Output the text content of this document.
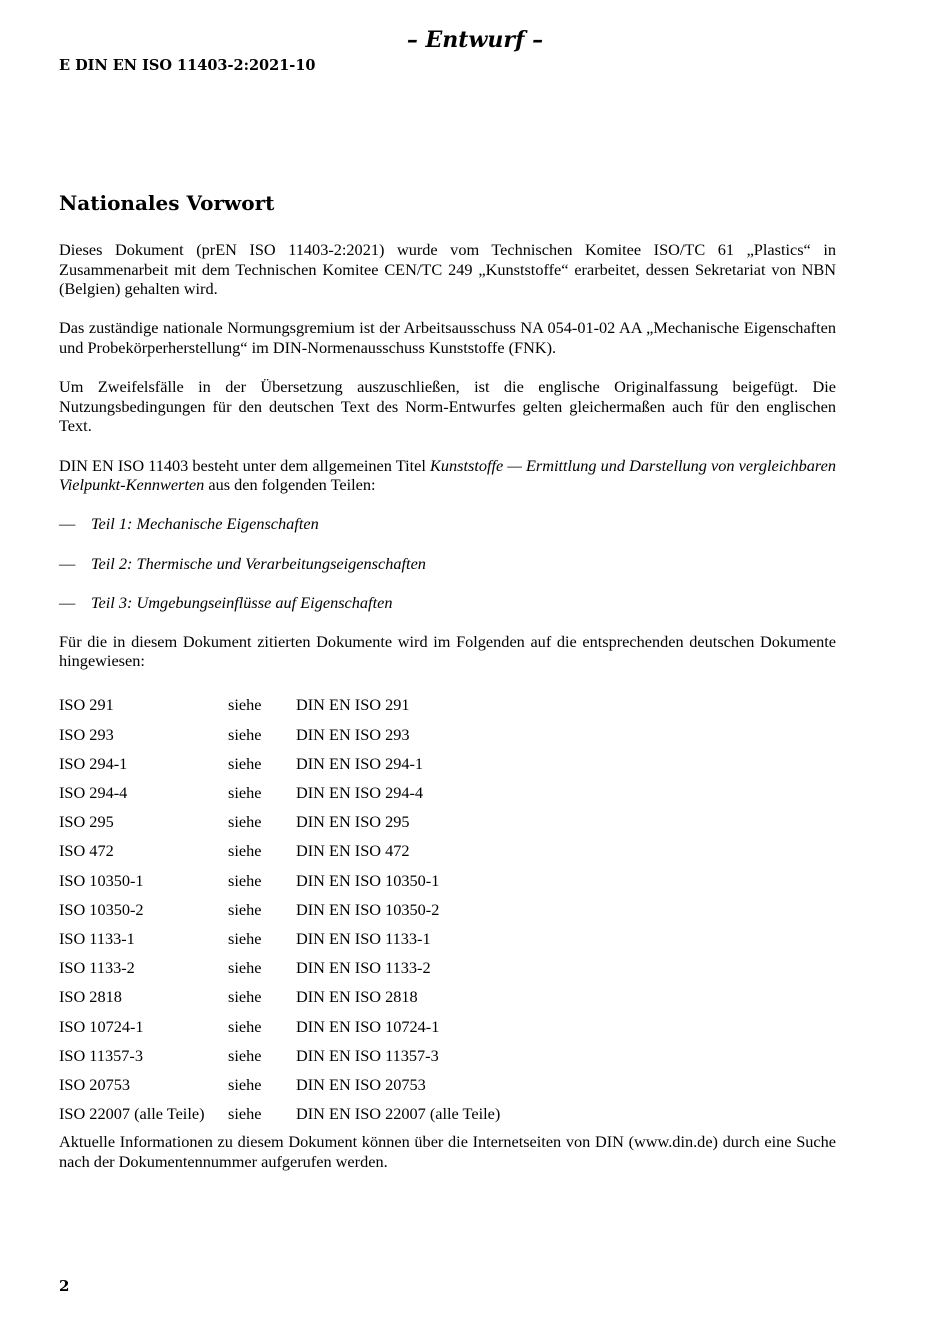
– Entwurf –
E DIN EN ISO 11403-2:2021-10
Nationales Vorwort

Dieses Dokument (prEN ISO 11403-2:2021) wurde vom Technischen Komitee ISO/TC 61 „Plastics“ in Zusammenarbeit mit dem Technischen Komitee CEN/TC 249 „Kunststoffe“ erarbeitet, dessen Sekretariat von NBN (Belgien) gehalten wird.

Das zuständige nationale Normungsgremium ist der Arbeitsausschuss NA 054-01-02 AA „Mechanische Eigenschaften und Probekörperherstellung“ im DIN-Normenausschuss Kunststoffe (FNK).

Um Zweifelsfälle in der Übersetzung auszuschließen, ist die englische Originalfassung beigefügt. Die Nutzungsbedingungen für den deutschen Text des Norm-Entwurfes gelten gleichermaßen auch für den englischen Text.

DIN EN ISO 11403 besteht unter dem allgemeinen Titel Kunststoffe — Ermittlung und Darstellung von vergleichbaren Vielpunkt-Kennwerten aus den folgenden Teilen:

— Teil 1: Mechanische Eigenschaften
— Teil 2: Thermische und Verarbeitungseigenschaften
— Teil 3: Umgebungseinflüsse auf Eigenschaften

Für die in diesem Dokument zitierten Dokumente wird im Folgenden auf die entsprechenden deutschen Dokumente hingewiesen:

ISO 291	siehe	DIN EN ISO 291
ISO 293	siehe	DIN EN ISO 293
ISO 294-1	siehe	DIN EN ISO 294-1
ISO 294-4	siehe	DIN EN ISO 294-4
ISO 295	siehe	DIN EN ISO 295
ISO 472	siehe	DIN EN ISO 472
ISO 10350-1	siehe	DIN EN ISO 10350-1
ISO 10350-2	siehe	DIN EN ISO 10350-2
ISO 1133-1	siehe	DIN EN ISO 1133-1
ISO 1133-2	siehe	DIN EN ISO 1133-2
ISO 2818	siehe	DIN EN ISO 2818
ISO 10724-1	siehe	DIN EN ISO 10724-1
ISO 11357-3	siehe	DIN EN ISO 11357-3
ISO 20753	siehe	DIN EN ISO 20753
ISO 22007 (alle Teile)	siehe	DIN EN ISO 22007 (alle Teile)

Aktuelle Informationen zu diesem Dokument können über die Internetseiten von DIN (www.din.de) durch eine Suche nach der Dokumentennummer aufgerufen werden.

2
